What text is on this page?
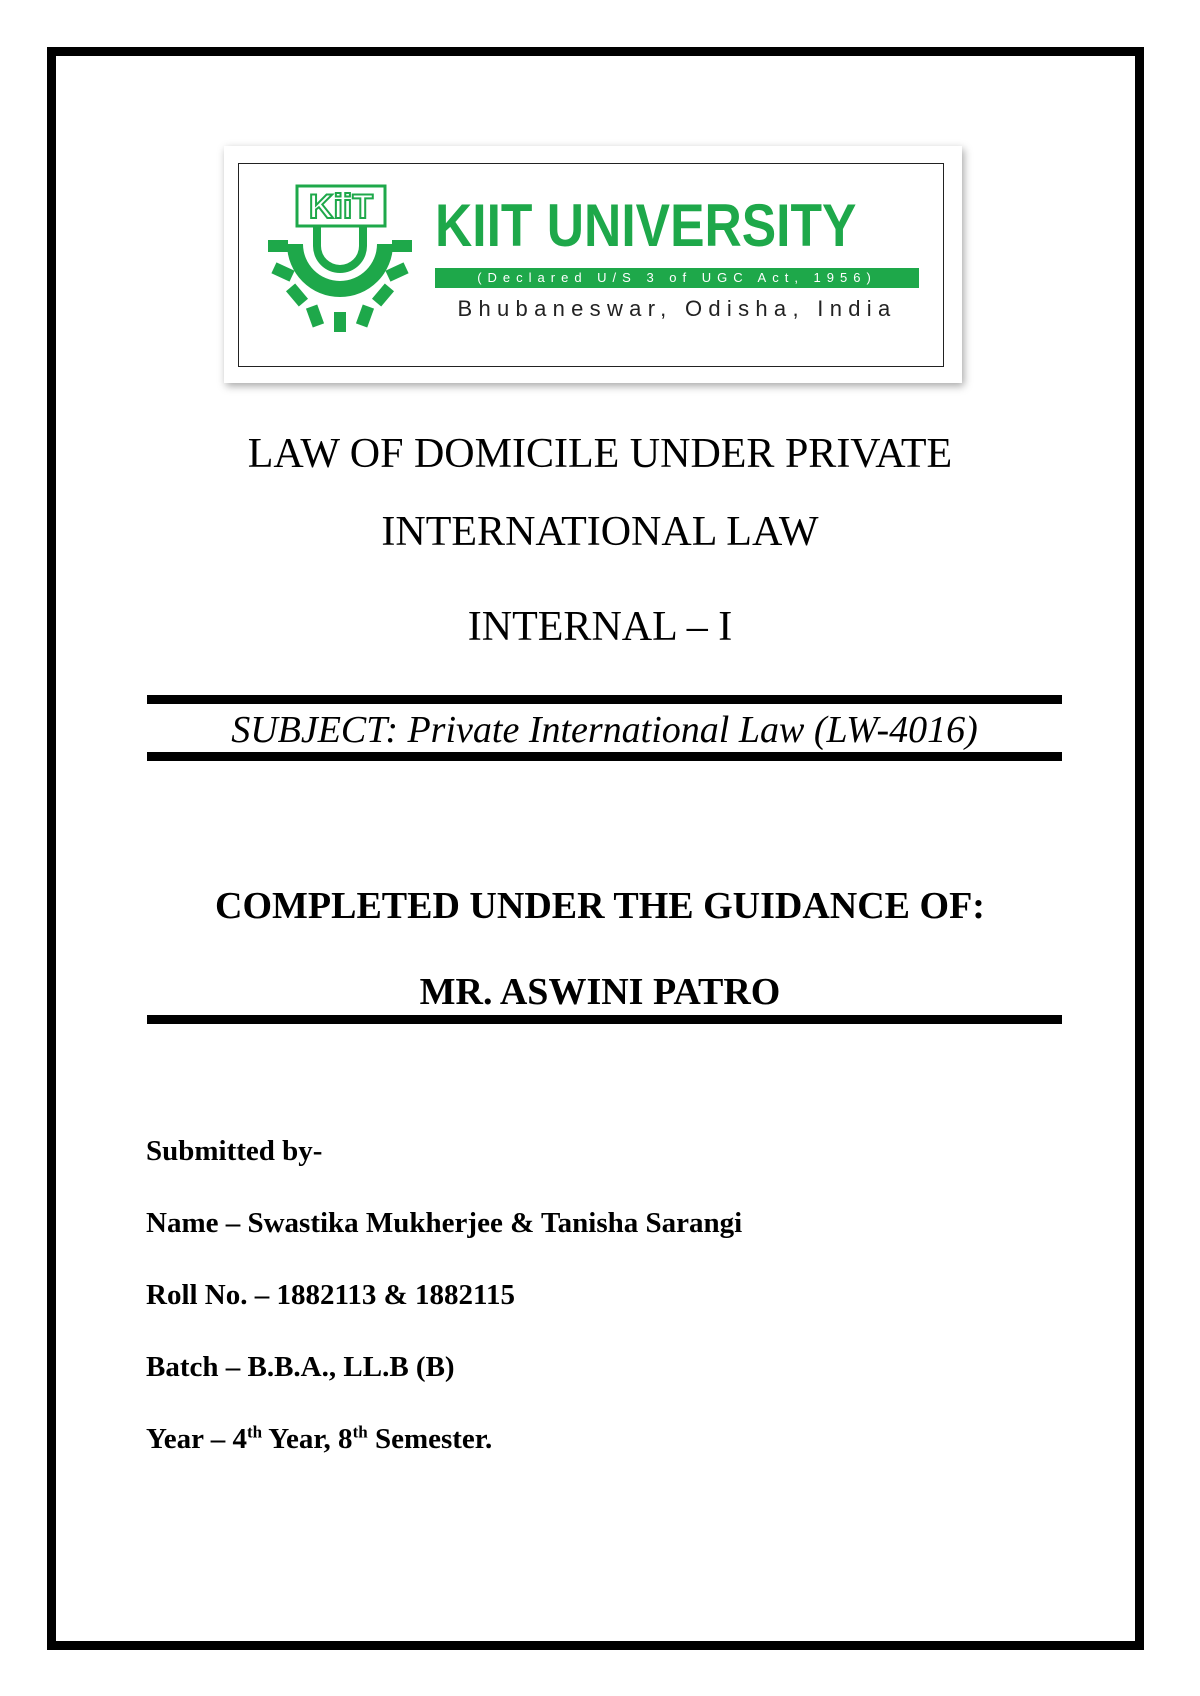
KiiT KIIT UNIVERSITY
(Declared U/S 3 of UGC Act, 1956)
Bhubaneswar, Odisha, India
LAW OF DOMICILE UNDER PRIVATE
INTERNATIONAL LAW
INTERNAL – I
SUBJECT: Private International Law (LW-4016)
COMPLETED UNDER THE GUIDANCE OF:
MR. ASWINI PATRO
Submitted by-
Name – Swastika Mukherjee & Tanisha Sarangi
Roll No. – 1882113 & 1882115
Batch – B.B.A., LL.B (B)
Year – 4th Year, 8th Semester.
